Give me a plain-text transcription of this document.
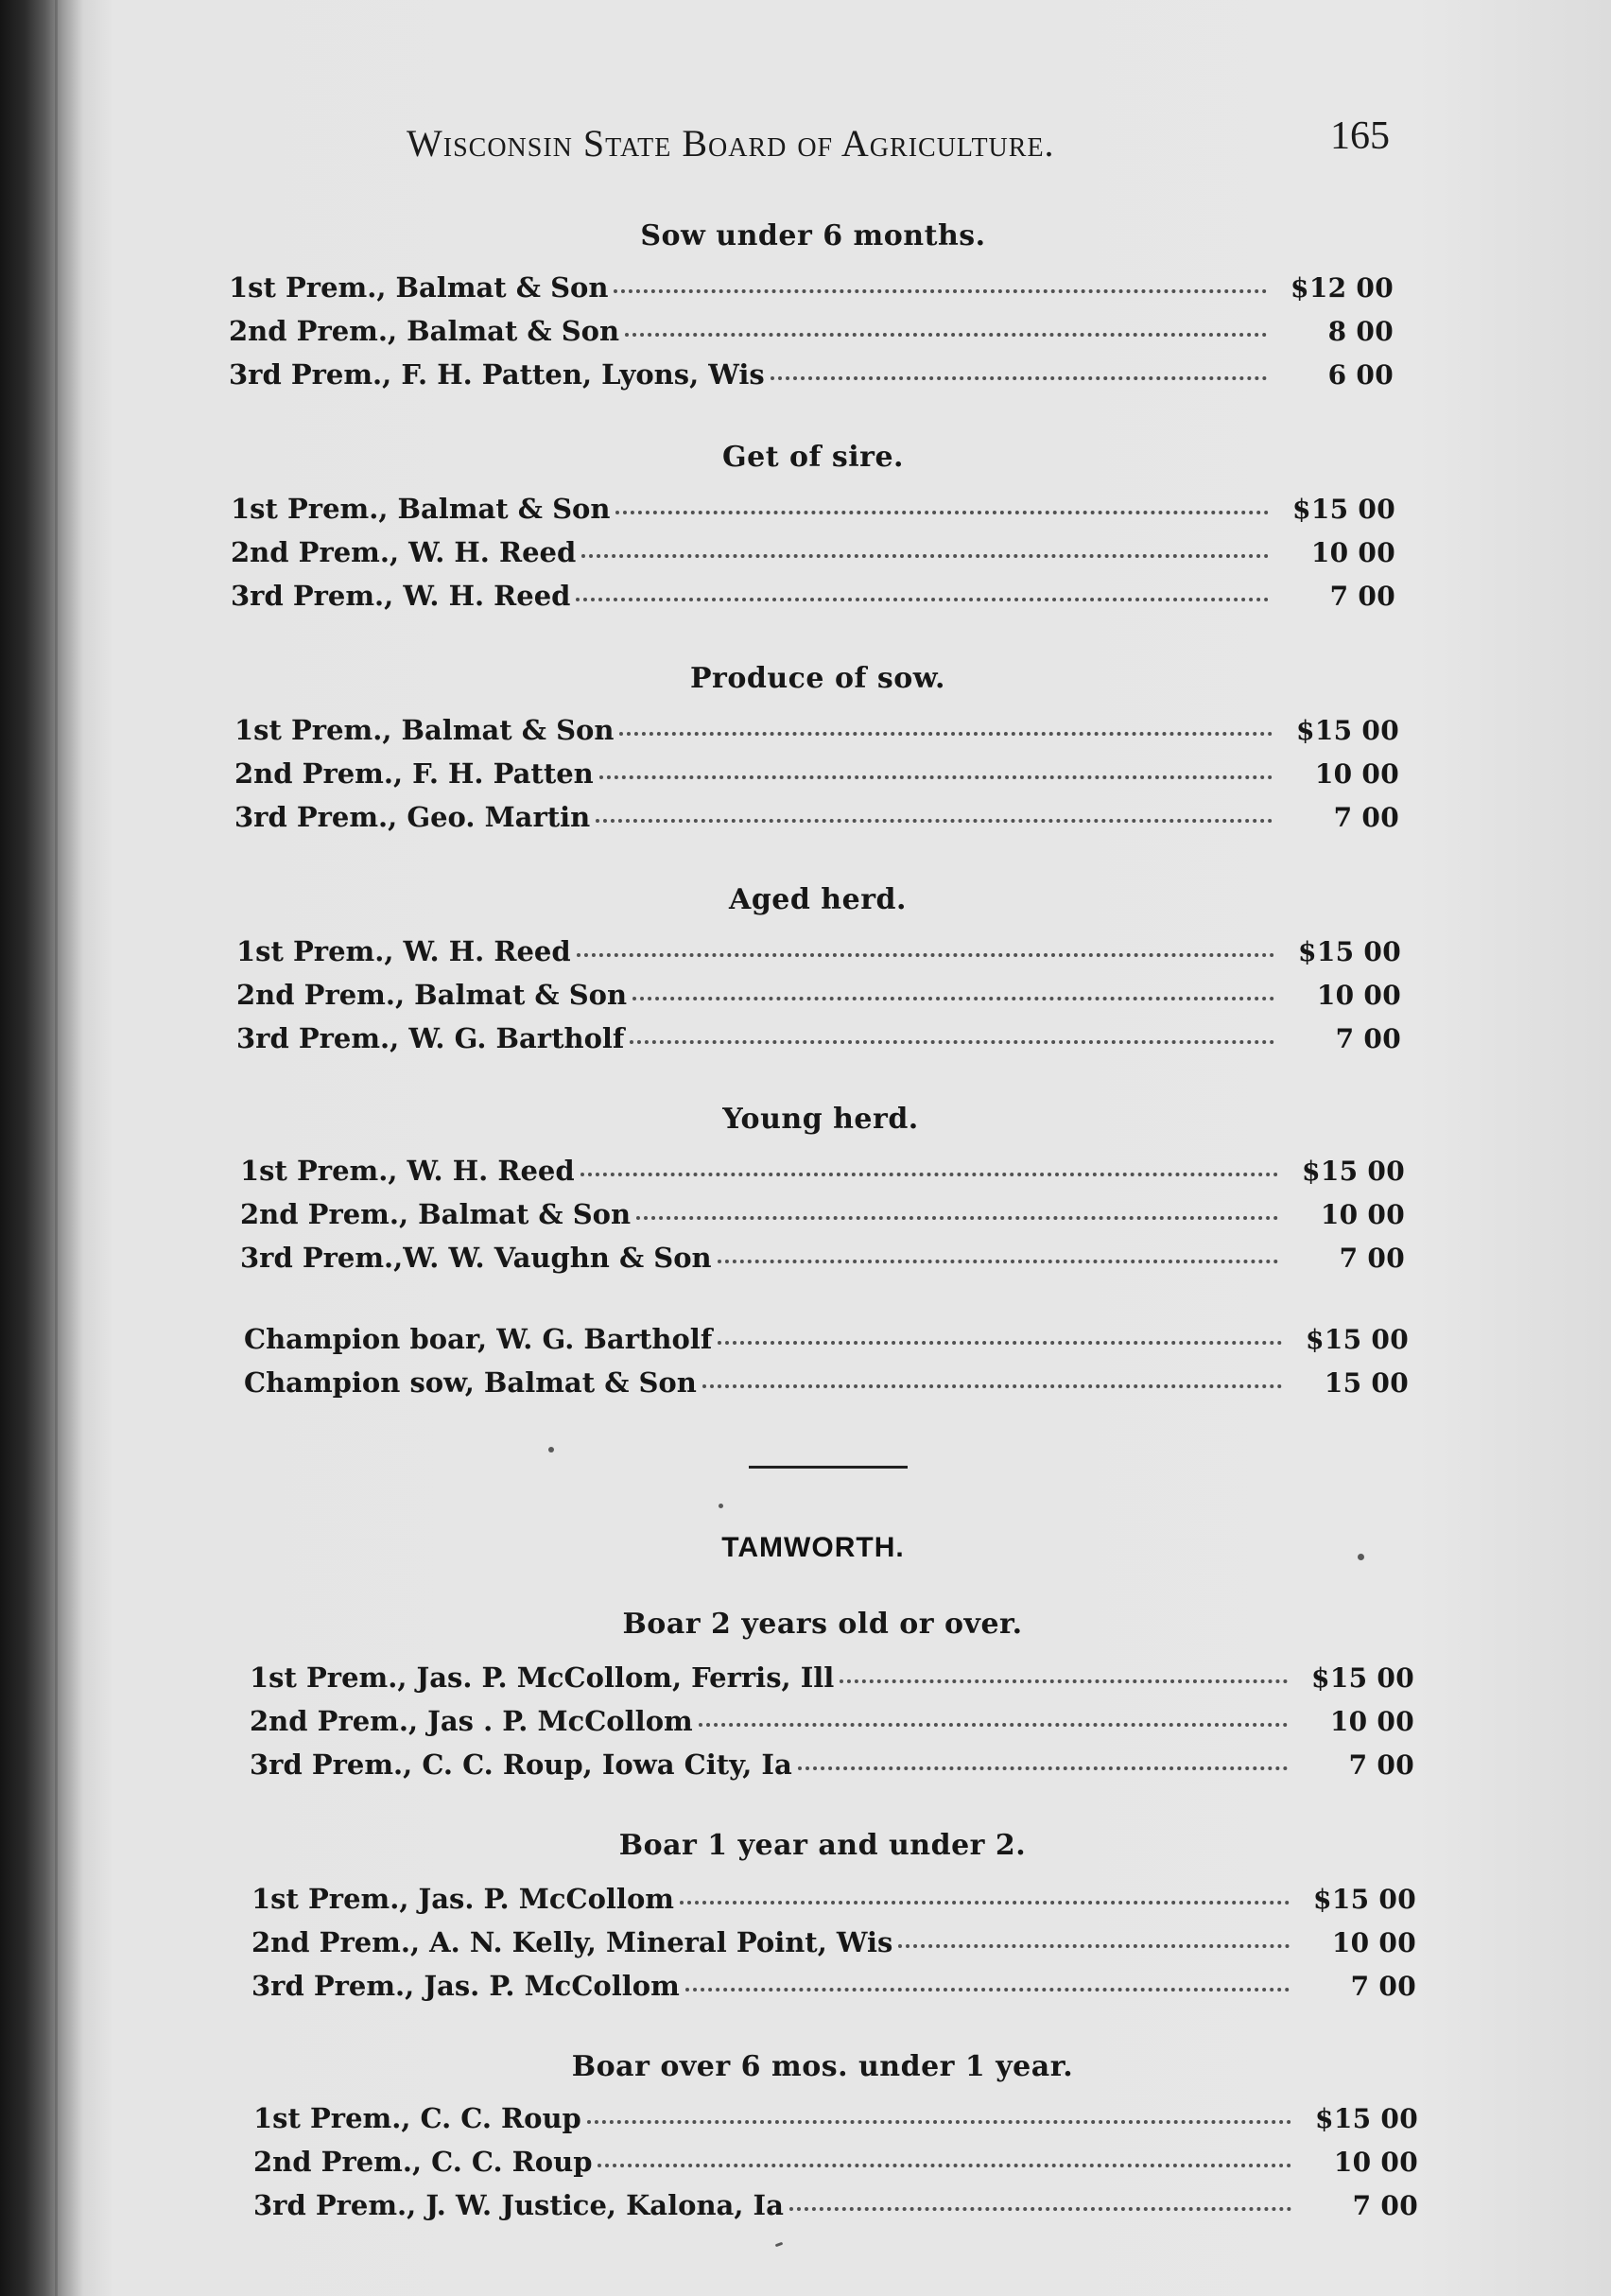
Wisconsin State Board of Agriculture.	165
Sow under 6 months.
1st Prem., Balmat & Son	$12 00
2nd Prem., Balmat & Son	8 00
3rd Prem., F. H. Patten, Lyons, Wis	6 00
Get of sire.
1st Prem., Balmat & Son	$15 00
2nd Prem., W. H. Reed	10 00
3rd Prem., W. H. Reed	7 00
Produce of sow.
1st Prem., Balmat & Son	$15 00
2nd Prem., F. H. Patten	10 00
3rd Prem., Geo. Martin	7 00
Aged herd.
1st Prem., W. H. Reed	$15 00
2nd Prem., Balmat & Son	10 00
3rd Prem., W. G. Bartholf	7 00
Young herd.
1st Prem., W. H. Reed	$15 00
2nd Prem., Balmat & Son	10 00
3rd Prem.,W. W. Vaughn & Son	7 00
Champion boar, W. G. Bartholf	$15 00
Champion sow, Balmat & Son	15 00
TAMWORTH.
Boar 2 years old or over.
1st Prem., Jas. P. McCollom, Ferris, Ill	$15 00
2nd Prem., Jas . P. McCollom	10 00
3rd Prem., C. C. Roup, Iowa City, Ia	7 00
Boar 1 year and under 2.
1st Prem., Jas. P. McCollom	$15 00
2nd Prem., A. N. Kelly, Mineral Point, Wis	10 00
3rd Prem., Jas. P. McCollom	7 00
Boar over 6 mos. under 1 year.
1st Prem., C. C. Roup	$15 00
2nd Prem., C. C. Roup	10 00
3rd Prem., J. W. Justice, Kalona, Ia	7 00
